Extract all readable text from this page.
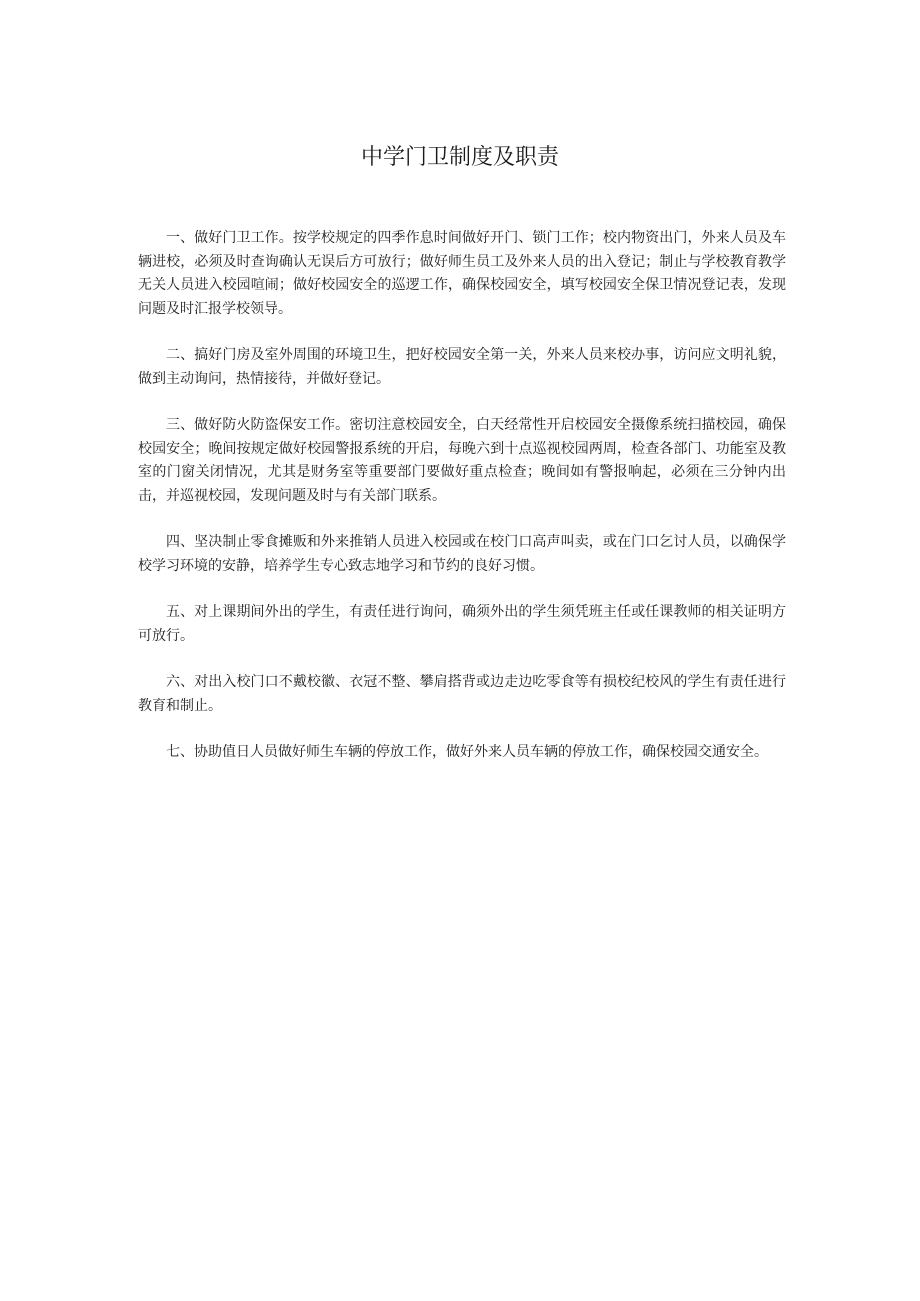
中学门卫制度及职责

一、做好门卫工作。按学校规定的四季作息时间做好开门、锁门工作；校内物资出门，外来人员及车辆进校，必须及时查询确认无误后方可放行；做好师生员工及外来人员的出入登记；制止与学校教育教学无关人员进入校园喧闹；做好校园安全的巡逻工作，确保校园安全，填写校园安全保卫情况登记表，发现问题及时汇报学校领导。

二、搞好门房及室外周围的环境卫生，把好校园安全第一关，外来人员来校办事，访问应文明礼貌，做到主动询问，热情接待，并做好登记。

三、做好防火防盗保安工作。密切注意校园安全，白天经常性开启校园安全摄像系统扫描校园，确保校园安全；晚间按规定做好校园警报系统的开启，每晚六到十点巡视校园两周，检查各部门、功能室及教室的门窗关闭情况，尤其是财务室等重要部门要做好重点检查；晚间如有警报响起，必须在三分钟内出击，并巡视校园，发现问题及时与有关部门联系。

四、坚决制止零食摊贩和外来推销人员进入校园或在校门口高声叫卖，或在门口乞讨人员，以确保学校学习环境的安静，培养学生专心致志地学习和节约的良好习惯。

五、对上课期间外出的学生，有责任进行询问，确须外出的学生须凭班主任或任课教师的相关证明方可放行。

六、对出入校门口不戴校徽、衣冠不整、攀肩搭背或边走边吃零食等有损校纪校风的学生有责任进行教育和制止。

七、协助值日人员做好师生车辆的停放工作，做好外来人员车辆的停放工作，确保校园交通安全。
